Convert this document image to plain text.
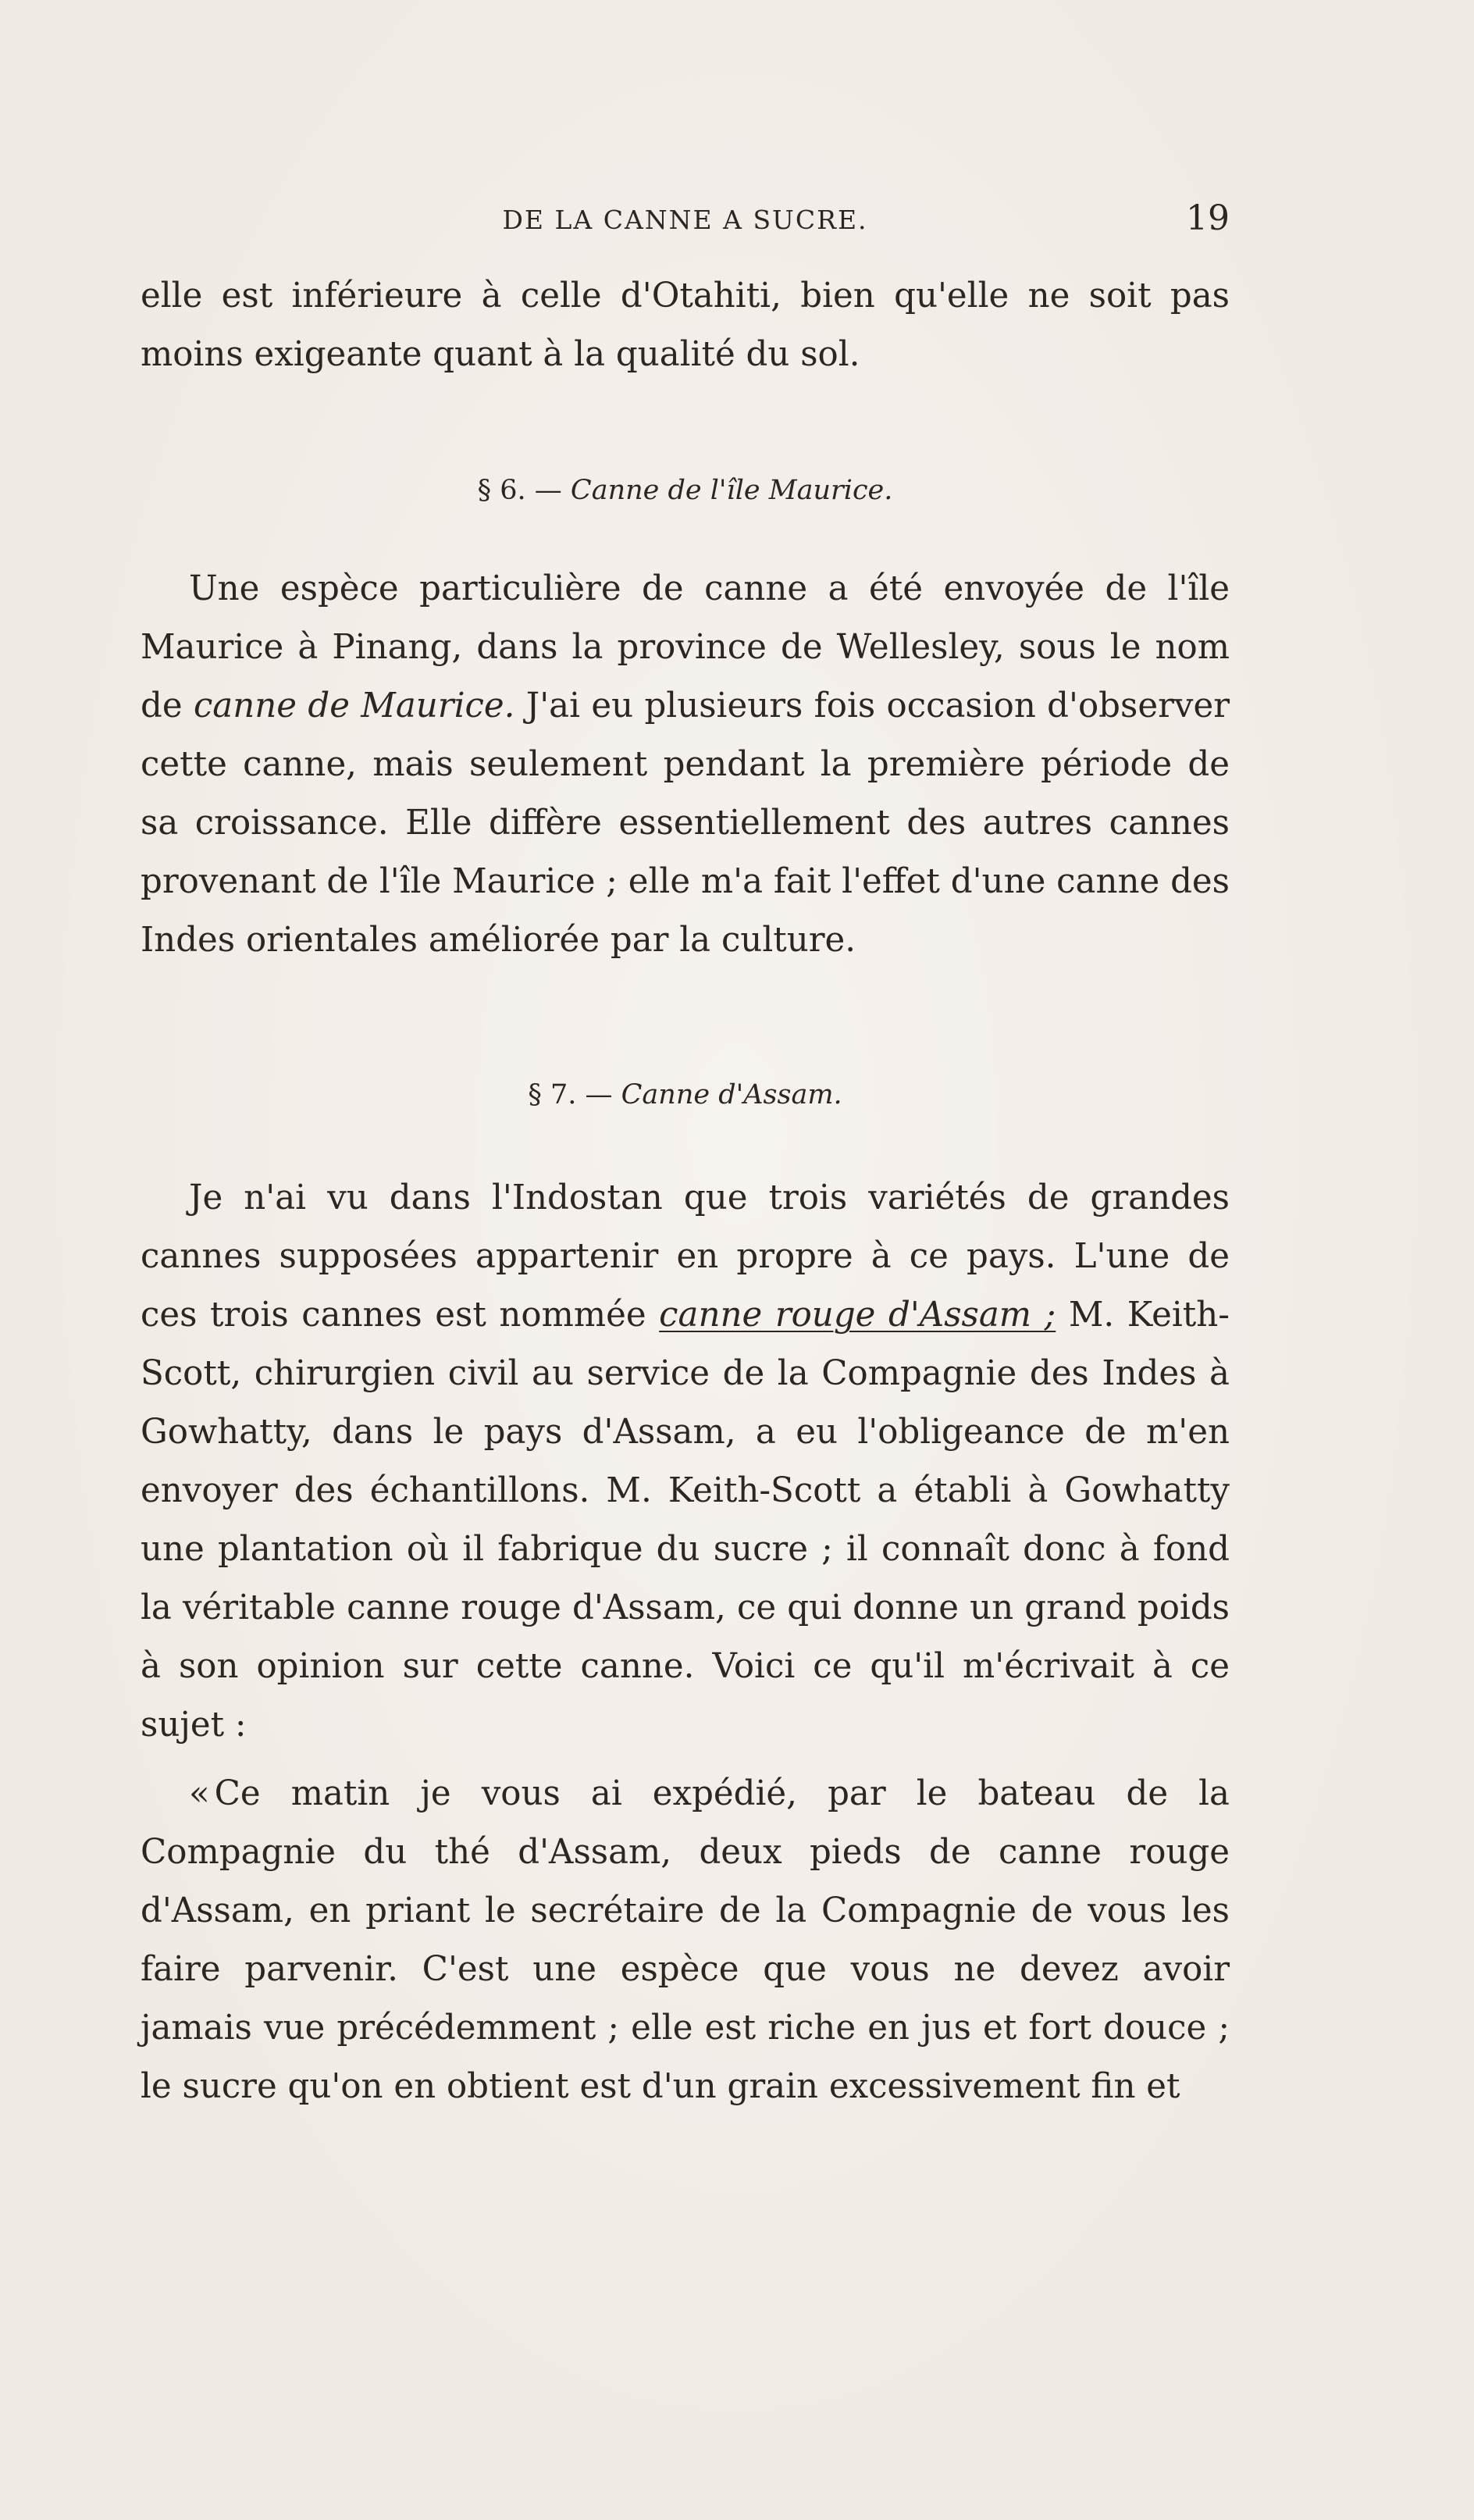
DE LA CANNE A SUCRE.	19

elle est inférieure à celle d'Otahiti, bien qu'elle ne soit pas moins exigeante quant à la qualité du sol.

§ 6. — Canne de l'île Maurice.

Une espèce particulière de canne a été envoyée de l'île Maurice à Pinang, dans la province de Wellesley, sous le nom de canne de Maurice. J'ai eu plusieurs fois occasion d'observer cette canne, mais seulement pendant la première période de sa croissance. Elle diffère essentiellement des autres cannes provenant de l'île Maurice ; elle m'a fait l'effet d'une canne des Indes orientales améliorée par la culture.

§ 7. — Canne d'Assam.

Je n'ai vu dans l'Indostan que trois variétés de grandes cannes supposées appartenir en propre à ce pays. L'une de ces trois cannes est nommée canne rouge d'Assam ; M. Keith-Scott, chirurgien civil au service de la Compagnie des Indes à Gowhatty, dans le pays d'Assam, a eu l'obligeance de m'en envoyer des échantillons. M. Keith-Scott a établi à Gowhatty une plantation où il fabrique du sucre ; il connaît donc à fond la véritable canne rouge d'Assam, ce qui donne un grand poids à son opinion sur cette canne. Voici ce qu'il m'écrivait à ce sujet :

« Ce matin je vous ai expédié, par le bateau de la Compagnie du thé d'Assam, deux pieds de canne rouge d'Assam, en priant le secrétaire de la Compagnie de vous les faire parvenir. C'est une espèce que vous ne devez avoir jamais vue précédemment ; elle est riche en jus et fort douce ; le sucre qu'on en obtient est d'un grain excessivement fin et
